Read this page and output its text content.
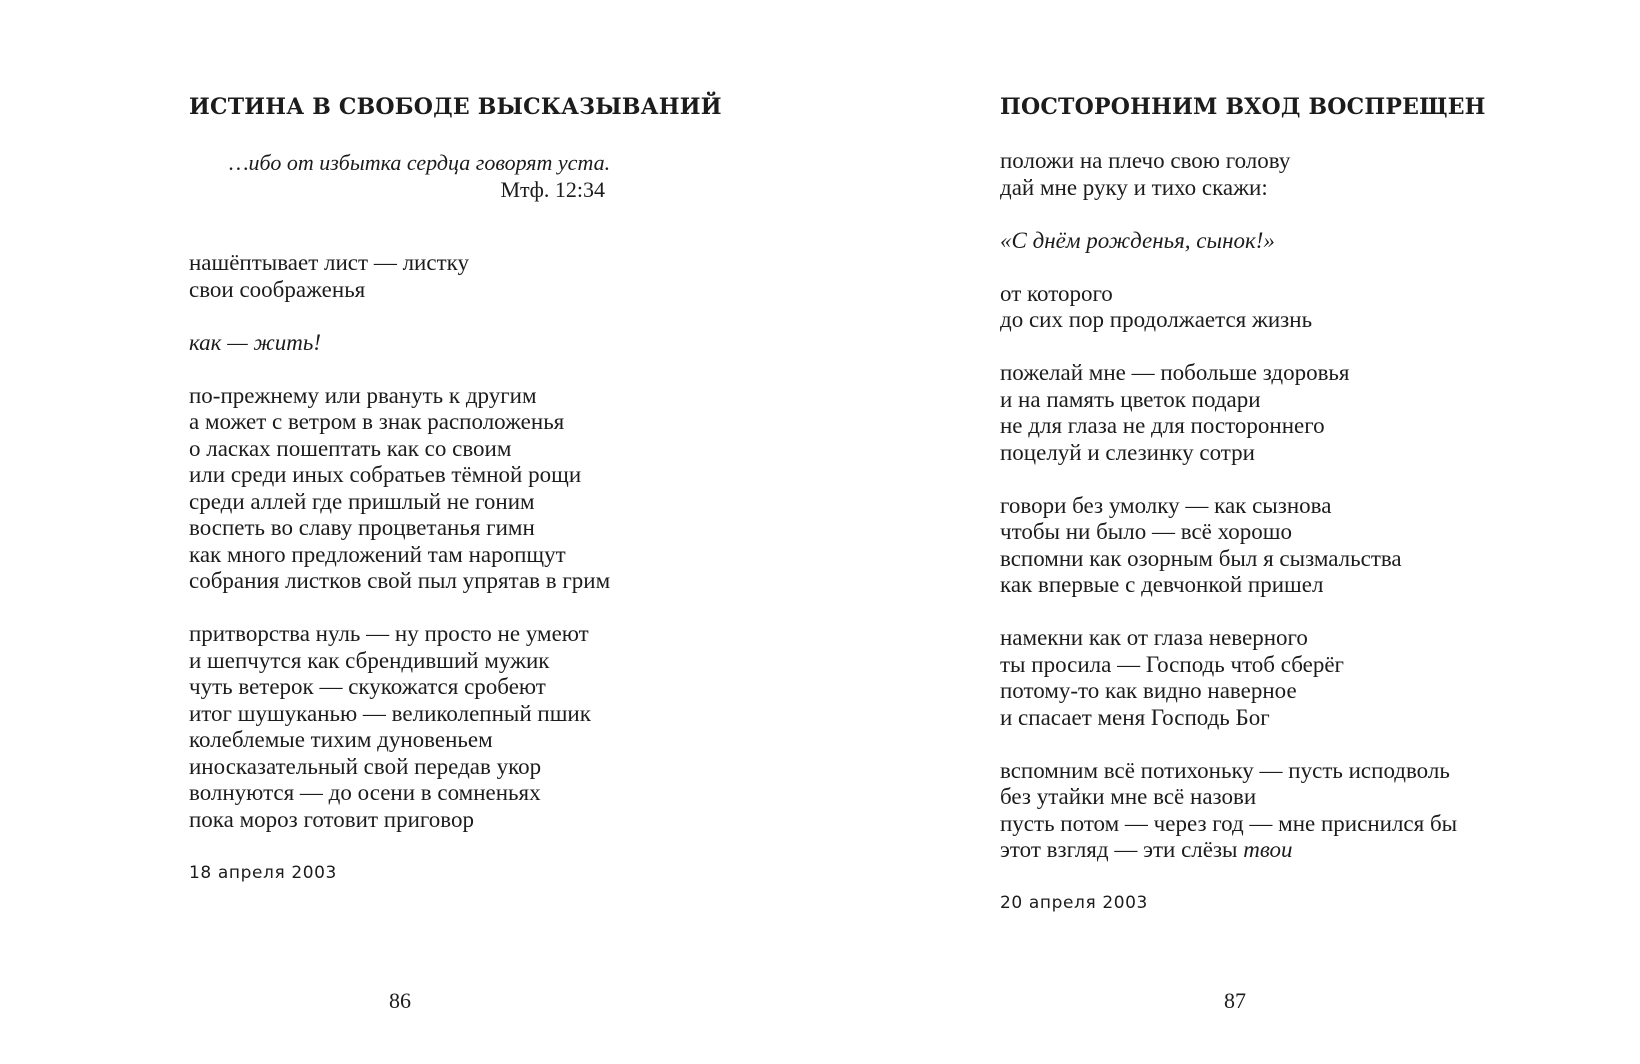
ИСТИНА В СВОБОДЕ ВЫСКАЗЫВАНИЙ
…ибо от избытка сердца говорят уста.
Мтф. 12:34
нашёптывает лист — листку
свои соображенья
как — жить!
по-прежнему или рвануть к другим
а может с ветром в знак расположенья
о ласках пошептать как со своим
или среди иных собратьев тёмной рощи
среди аллей где пришлый не гоним
воспеть во славу процветанья гимн
как много предложений там наропщут
собрания листков свой пыл упрятав в грим
притворства нуль — ну просто не умеют
и шепчутся как сбрендивший мужик
чуть ветерок — скукожатся сробеют
итог шушуканью — великолепный пшик
колеблемые тихим дуновеньем
иносказательный свой передав укор
волнуются — до осени в сомненьях
пока мороз готовит приговор
18 апреля 2003
86
ПОСТОРОННИМ ВХОД ВОСПРЕЩЕН
положи на плечо свою голову
дай мне руку и тихо скажи:
«С днём рожденья, сынок!»
от которого
до сих пор продолжается жизнь
пожелай мне — побольше здоровья
и на память цветок подари
не для глаза не для постороннего
поцелуй и слезинку сотри
говори без умолку — как сызнова
чтобы ни было — всё хорошо
вспомни как озорным был я сызмальства
как впервые с девчонкой пришел
намекни как от глаза неверного
ты просила — Господь чтоб сберёг
потому-то как видно наверное
и спасает меня Господь Бог
вспомним всё потихоньку — пусть исподволь
без утайки мне всё назови
пусть потом — через год — мне приснился бы
этот взгляд — эти слёзы твои
20 апреля 2003
87
